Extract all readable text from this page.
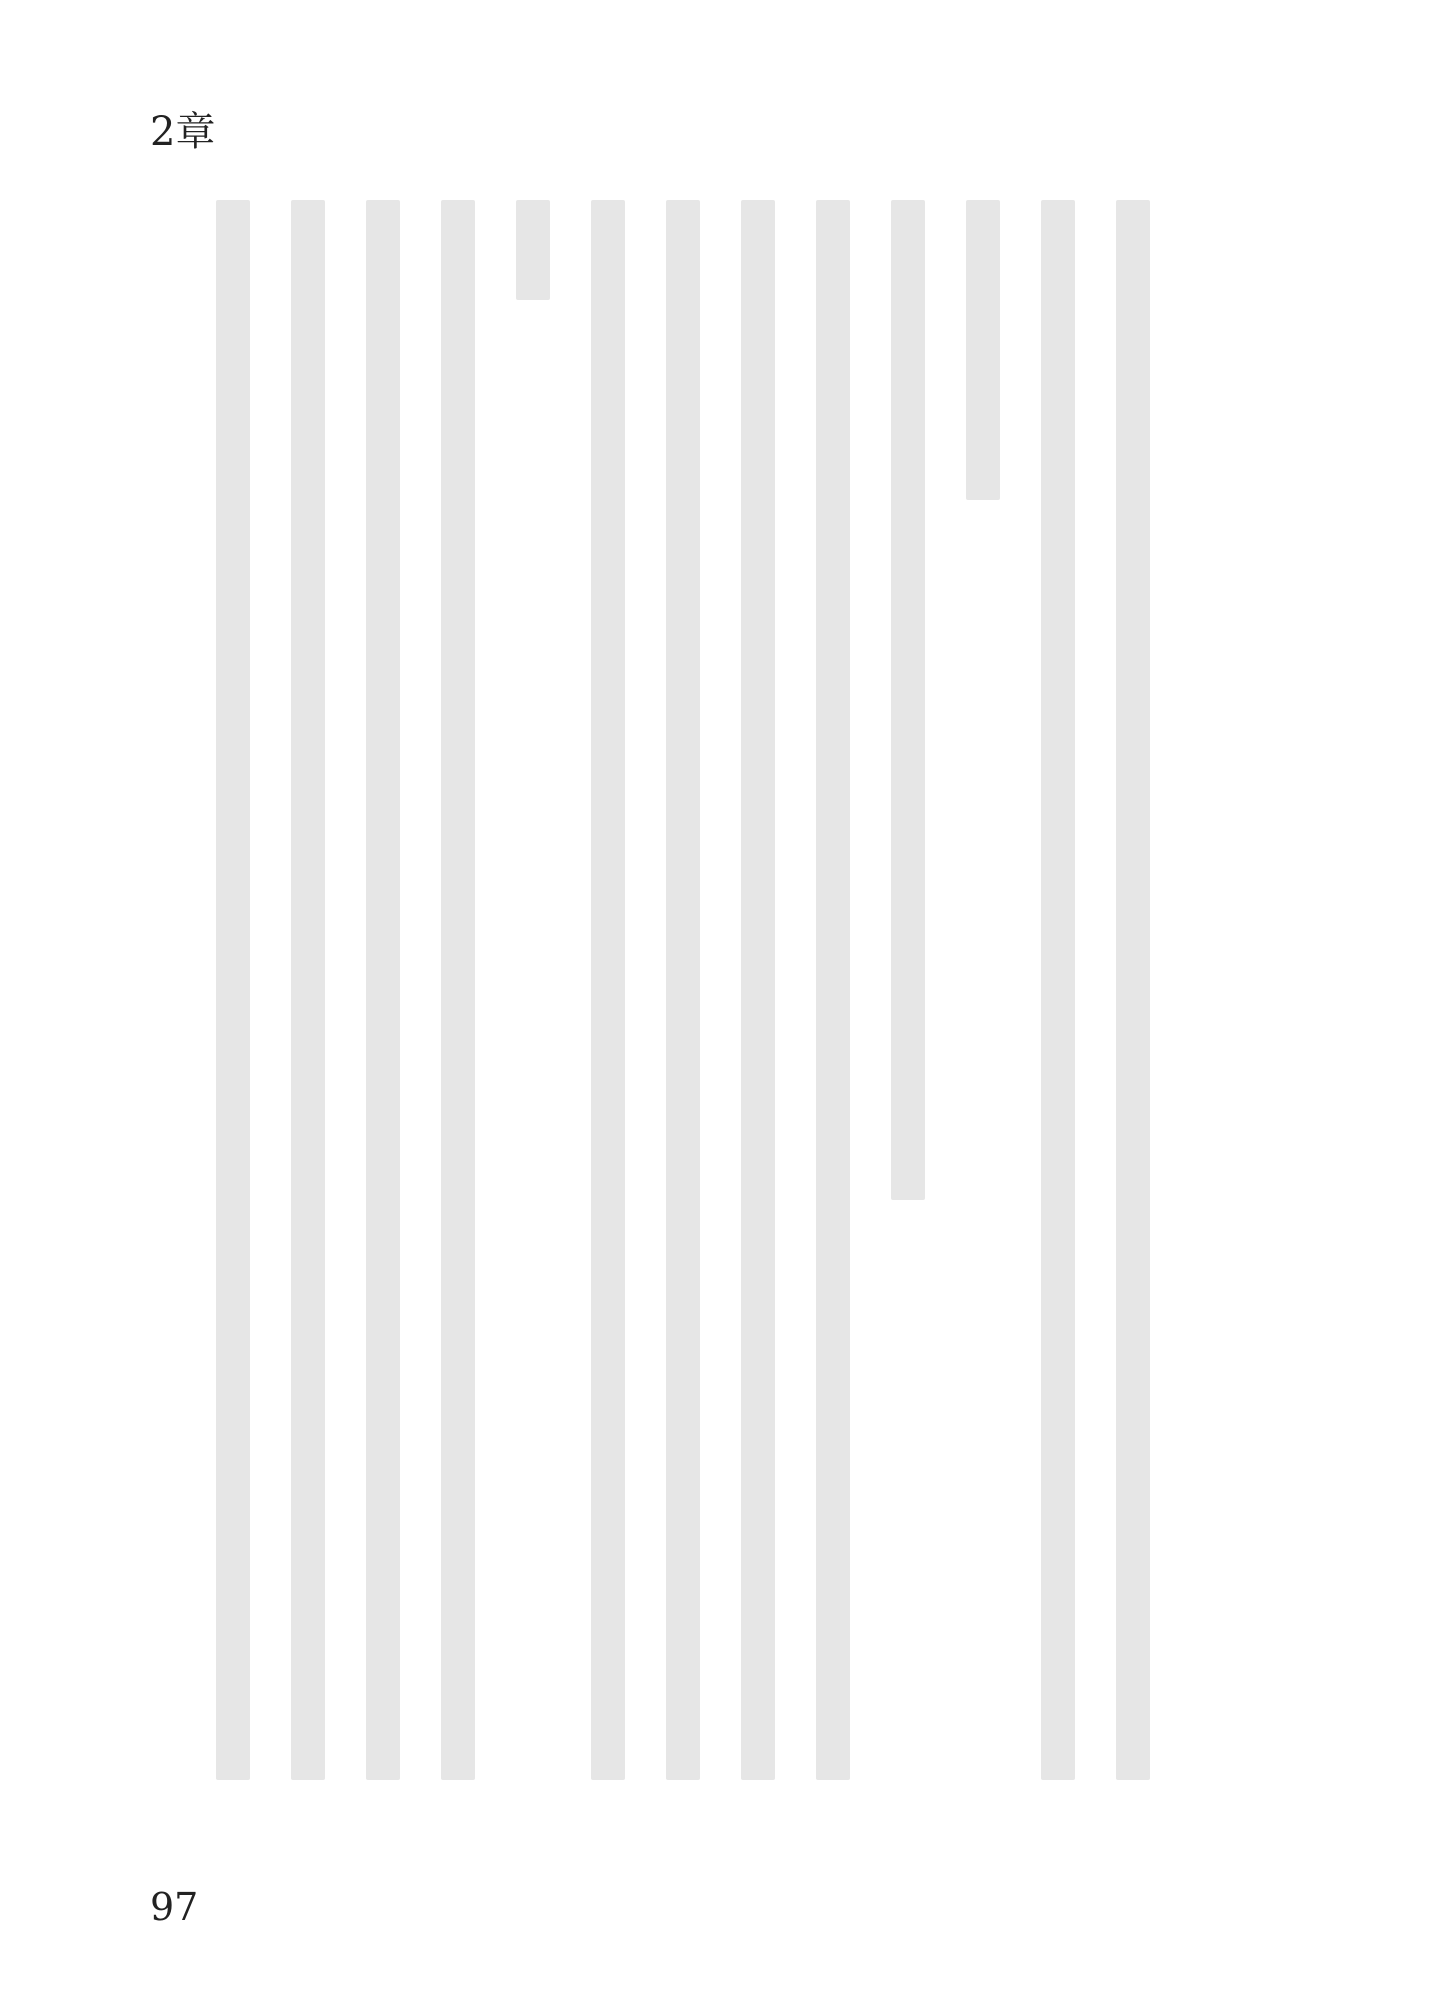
2章
97
